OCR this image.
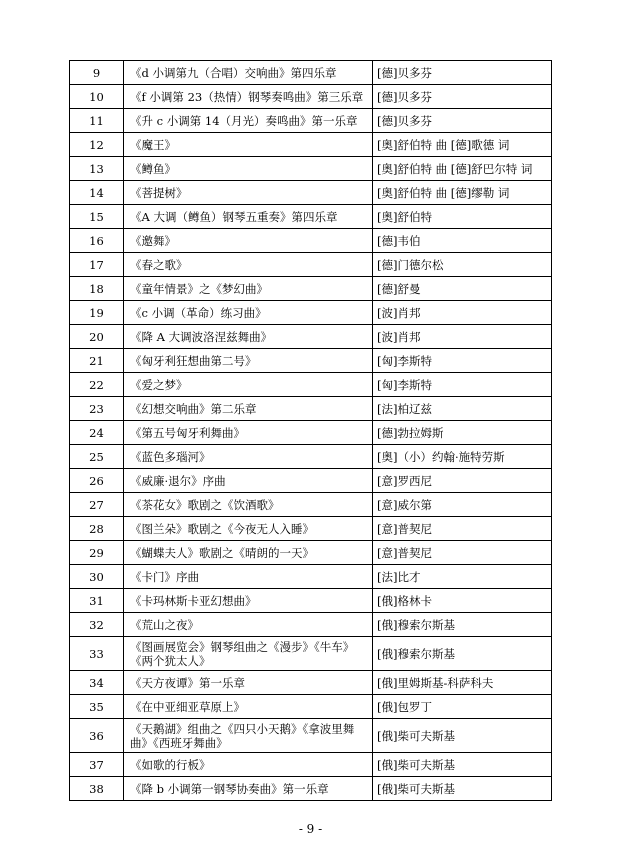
9	《d 小调第九（合唱）交响曲》第四乐章	[德]贝多芬
10	《f 小调第 23（热情）钢琴奏鸣曲》第三乐章	[德]贝多芬
11	《升 c 小调第 14（月光）奏鸣曲》第一乐章	[德]贝多芬
12	《魔王》	[奥]舒伯特 曲 [德]歌德 词
13	《鳟鱼》	[奥]舒伯特 曲 [德]舒巴尔特 词
14	《菩提树》	[奥]舒伯特 曲 [德]缪勒 词
15	《A 大调（鳟鱼）钢琴五重奏》第四乐章	[奥]舒伯特
16	《邀舞》	[德]韦伯
17	《春之歌》	[德]门德尔松
18	《童年情景》之《梦幻曲》	[德]舒曼
19	《c 小调（革命）练习曲》	[波]肖邦
20	《降 A 大调波洛涅兹舞曲》	[波]肖邦
21	《匈牙利狂想曲第二号》	[匈]李斯特
22	《爱之梦》	[匈]李斯特
23	《幻想交响曲》第二乐章	[法]柏辽兹
24	《第五号匈牙利舞曲》	[德]勃拉姆斯
25	《蓝色多瑙河》	[奥]（小）约翰·施特劳斯
26	《威廉·退尔》序曲	[意]罗西尼
27	《茶花女》歌剧之《饮酒歌》	[意]威尔第
28	《图兰朵》歌剧之《今夜无人入睡》	[意]普契尼
29	《蝴蝶夫人》歌剧之《晴朗的一天》	[意]普契尼
30	《卡门》序曲	[法]比才
31	《卡玛林斯卡亚幻想曲》	[俄]格林卡
32	《荒山之夜》	[俄]穆索尔斯基
33	《图画展览会》钢琴组曲之《漫步》《牛车》《两个犹太人》	[俄]穆索尔斯基
34	《天方夜谭》第一乐章	[俄]里姆斯基-科萨科夫
35	《在中亚细亚草原上》	[俄]包罗丁
36	《天鹅湖》组曲之《四只小天鹅》《拿波里舞曲》《西班牙舞曲》	[俄]柴可夫斯基
37	《如歌的行板》	[俄]柴可夫斯基
38	《降 b 小调第一钢琴协奏曲》第一乐章	[俄]柴可夫斯基
- 9 -
